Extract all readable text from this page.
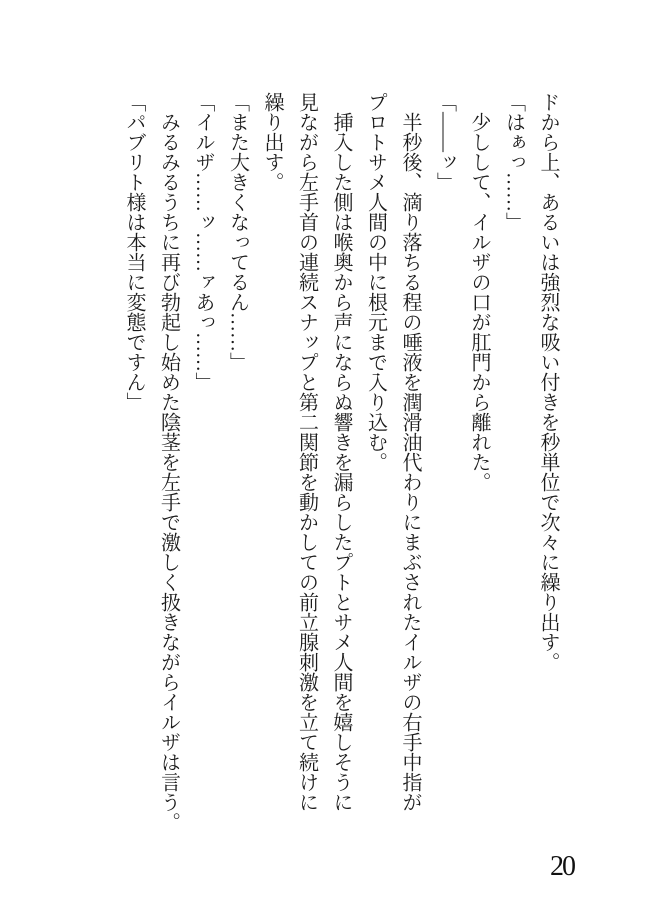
ドから上、あるいは強烈な吸い付きを秒単位で次々に繰り出す。

「はぁっ……」

　少しして、イルザの口が肛門から離れた。

「――ッ」

　半秒後、滴り落ちる程の唾液を潤滑油代わりにまぶされたイルザの右手中指が

プロトサメ人間の中に根元まで入り込む。

　挿入した側は喉奥から声にならぬ響きを漏らしたプトとサメ人間を嬉しそうに

見ながら左手首の連続スナップと第二関節を動かしての前立腺刺激を立て続けに

繰り出す。

「また大きくなってるん……」

「イルザ……ッ……ァあっ……」

　みるみるうちに再び勃起し始めた陰茎を左手で激しく扱きながらイルザは言う。

「パブリト様は本当に変態ですん」

20
